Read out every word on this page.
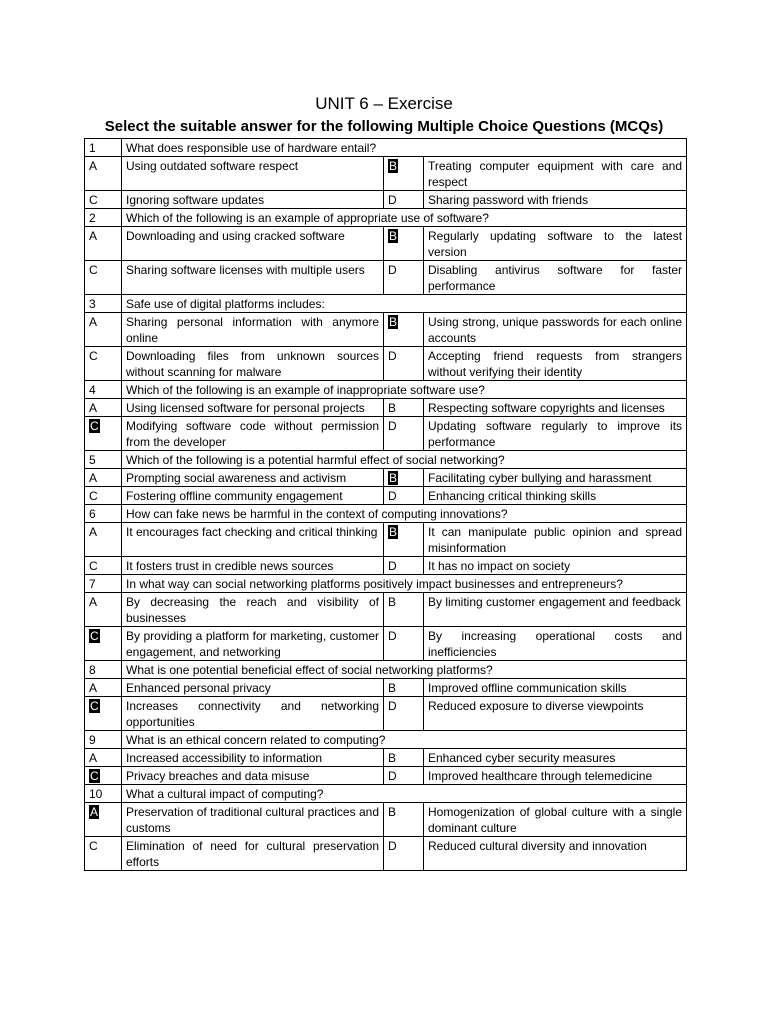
UNIT 6 – Exercise
Select the suitable answer for the following Multiple Choice Questions (MCQs)
1	What does responsible use of hardware entail?		
A	Using outdated software respect	B	Treating computer equipment with care and respect
C	Ignoring software updates	D	Sharing password with friends
2	Which of the following is an example of appropriate use of software?		
A	Downloading and using cracked software	B	Regularly updating software to the latest version
C	Sharing software licenses with multiple users	D	Disabling antivirus software for faster performance
3	Safe use of digital platforms includes:		
A	Sharing personal information with anymore online	B	Using strong, unique passwords for each online accounts
C	Downloading files from unknown sources without scanning for malware	D	Accepting friend requests from strangers without verifying their identity
4	Which of the following is an example of inappropriate software use?		
A	Using licensed software for personal projects	B	Respecting software copyrights and licenses
C	Modifying software code without permission from the developer	D	Updating software regularly to improve its performance
5	Which of the following is a potential harmful effect of social networking?		
A	Prompting social awareness and activism	B	Facilitating cyber bullying and harassment
C	Fostering offline community engagement	D	Enhancing critical thinking skills
6	How can fake news be harmful in the context of computing innovations?		
A	It encourages fact checking and critical thinking	B	It can manipulate public opinion and spread misinformation
C	It fosters trust in credible news sources	D	It has no impact on society
7	In what way can social networking platforms positively impact businesses and entrepreneurs?		
A	By decreasing the reach and visibility of businesses	B	By limiting customer engagement and feedback
C	By providing a platform for marketing, customer engagement, and networking	D	By increasing operational costs and inefficiencies
8	What is one potential beneficial effect of social networking platforms?		
A	Enhanced personal privacy	B	Improved offline communication skills
C	Increases connectivity and networking opportunities	D	Reduced exposure to diverse viewpoints
9	What is an ethical concern related to computing?		
A	Increased accessibility to information	B	Enhanced cyber security measures
C	Privacy breaches and data misuse	D	Improved healthcare through telemedicine
10	What a cultural impact of computing?		
A	Preservation of traditional cultural practices and customs	B	Homogenization of global culture with a single dominant culture
C	Elimination of need for cultural preservation efforts	D	Reduced cultural diversity and innovation
